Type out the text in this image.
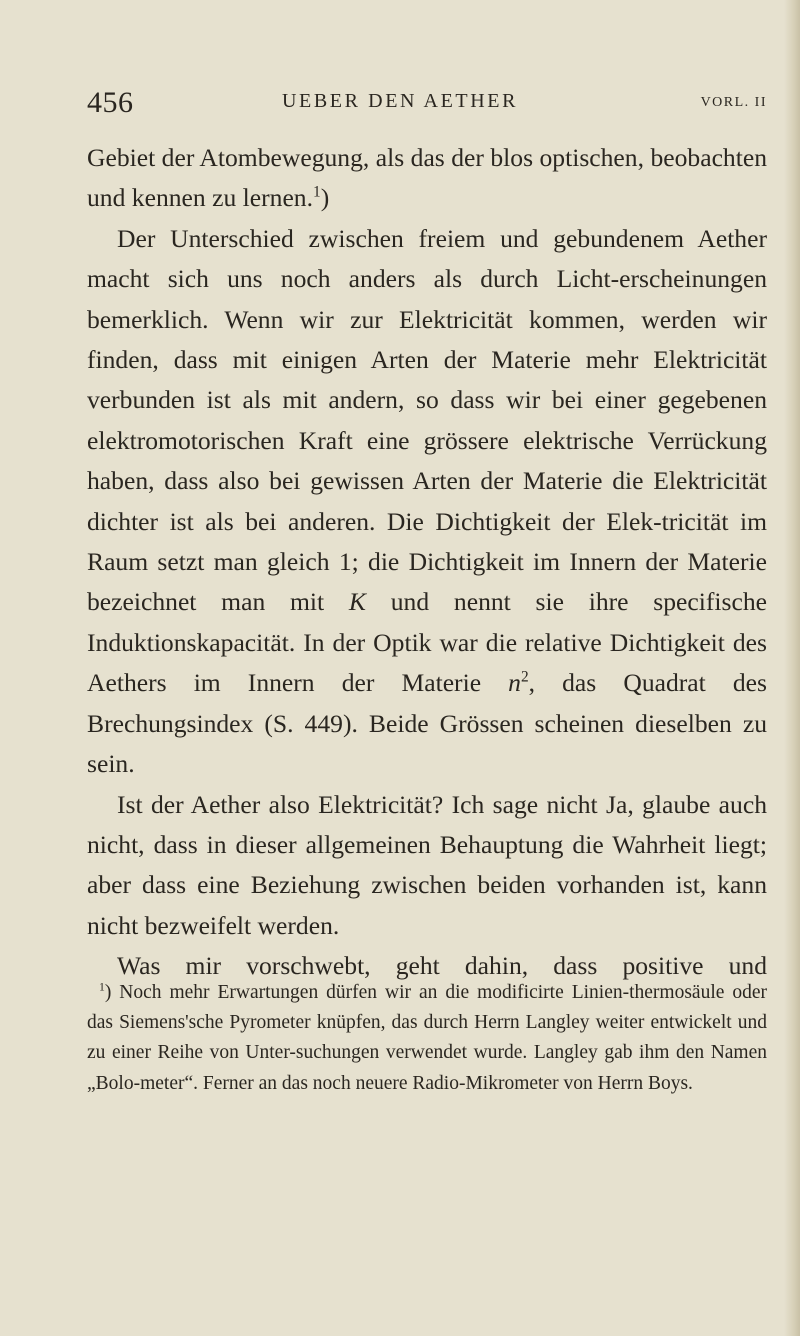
456	UEBER DEN AETHER	VORL. II

Gebiet der Atombewegung, als das der blos optischen, beobachten und kennen zu lernen.$^1$)

Der Unterschied zwischen freiem und gebundenem Aether macht sich uns noch anders als durch Licht-erscheinungen bemerklich. Wenn wir zur Elektricität kommen, werden wir finden, dass mit einigen Arten der Materie mehr Elektricität verbunden ist als mit andern, so dass wir bei einer gegebenen elektromotorischen Kraft eine grössere elektrische Verrückung haben, dass also bei gewissen Arten der Materie die Elektricität dichter ist als bei anderen. Die Dichtigkeit der Elek-tricität im Raum setzt man gleich 1; die Dichtigkeit im Innern der Materie bezeichnet man mit K und nennt sie ihre specifische Induktionskapacität. In der Optik war die relative Dichtigkeit des Aethers im Innern der Materie $n^2$, das Quadrat des Brechungsindex (S. 449). Beide Grössen scheinen dieselben zu sein.

Ist der Aether also Elektricität? Ich sage nicht Ja, glaube auch nicht, dass in dieser allgemeinen Behauptung die Wahrheit liegt; aber dass eine Beziehung zwischen beiden vorhanden ist, kann nicht bezweifelt werden.

Was mir vorschwebt, geht dahin, dass positive und

$^1$) Noch mehr Erwartungen dürfen wir an die modificirte Linien-thermosäule oder das Siemens'sche Pyrometer knüpfen, das durch Herrn Langley weiter entwickelt und zu einer Reihe von Unter-suchungen verwendet wurde. Langley gab ihm den Namen „Bolo-meter“. Ferner an das noch neuere Radio-Mikrometer von Herrn Boys.
